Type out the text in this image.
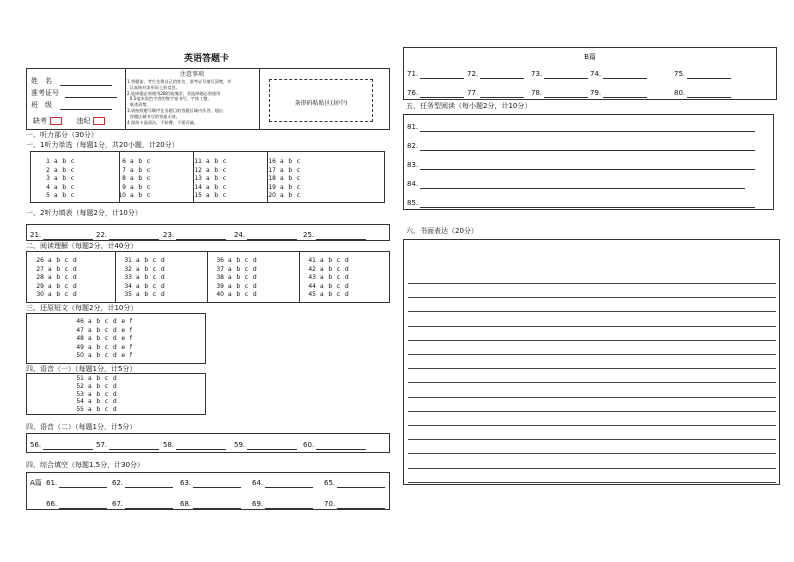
英语答题卡
姓　名
准考证号
班　级
缺考	违纪
注意事项
1.答题前，考生先将自己的姓名、准考证号填写清楚，并
认真核对条形码上的信息。
2.选择题必须使用2B铅笔填涂；非选择题必须使用
0.5毫米黑色字迹的签字笔书写，字体工整、
笔迹清楚。
3.请按照题号顺序在各题目的答题区域内作答，超出
答题区域书写的答案无效。
4.保持卡面清洁，不折叠，不要弄破。
条形码粘贴区(居中)
一、听力部分（30分）
一、1听力单选（每题1分，共20小题，计20分）
一、2听力填表（每题2分，计10分）
二、阅读理解（每题2分，计40分）
三、还原短文（每题2分，计10分）
四、语音（一）（每题1分，计5分）
四、语音（二）（每题1分，计5分）
四、综合填空（每题1.5分，计30分）
A篇
B篇
五、任务型阅读（每小题2分，计10分）
六、书面表达（20分）
1 a b c
2 a b c
3 a b c
4 a b c
5 a b c
6 a b c
7 a b c
8 a b c
9 a b c
10 a b c
11 a b c
12 a b c
13 a b c
14 a b c
15 a b c
16 a b c
17 a b c
18 a b c
19 a b c
20 a b c
26 a b c d
27 a b c d
28 a b c d
29 a b c d
30 a b c d
31 a b c d
32 a b c d
33 a b c d
34 a b c d
35 a b c d
36 a b c d
37 a b c d
38 a b c d
39 a b c d
40 a b c d
41 a b c d
42 a b c d
43 a b c d
44 a b c d
45 a b c d
46 a b c d e f
47 a b c d e f
48 a b c d e f
49 a b c d e f
50 a b c d e f
51 a b c d
52 a b c d
53 a b c d
54 a b c d
55 a b c d
21.	22.	23.	24.	25.
56.	57.	58.	59.	60.
61.	62.	63.	64.	65.
66.	67.	68.	69.	70.
71.	72.	73.	74.	75.
76.	77.	78.	79.	80.
81.
82.
83.
84.
85.
